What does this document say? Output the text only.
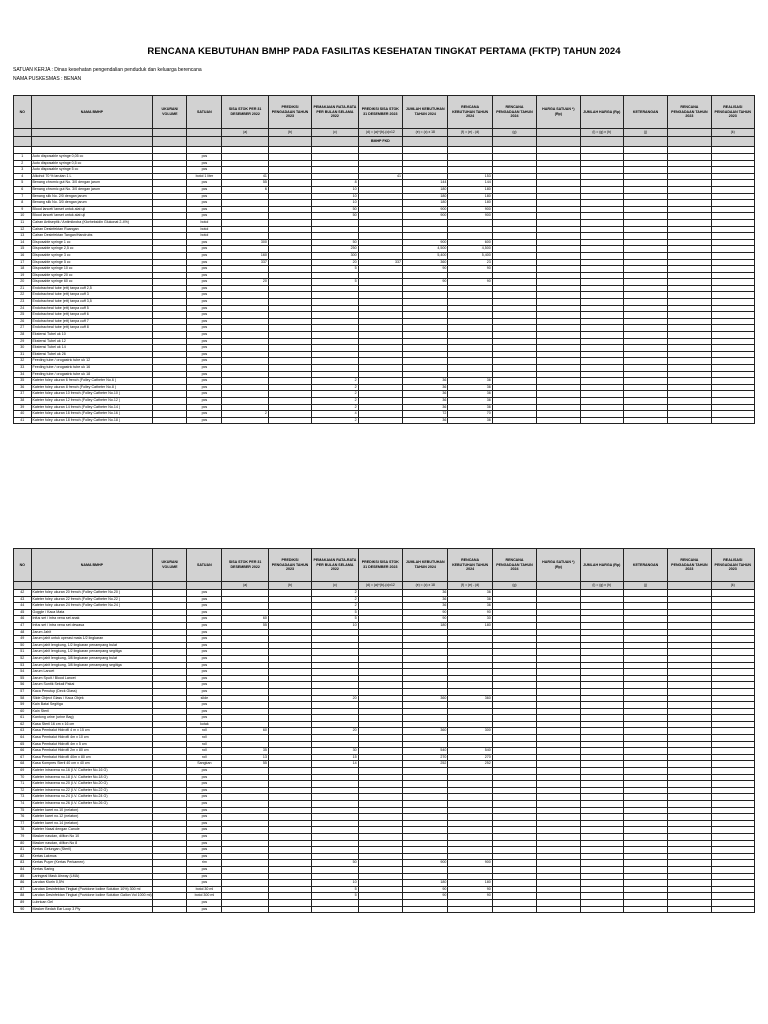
RENCANA KEBUTUHAN BMHP PADA FASILITAS KESEHATAN TINGKAT PERTAMA (FKTP) TAHUN 2024
SATUAN KERJA : Dinas kesehatan pengendalian penduduk dan keluarga berencana
NAMA PUSKESMAS : BENAN
NO	NAMA BMHP	UKURAN/ VOLUME	SATUAN	SISA STOK PER 31 DESEMBER 2022	PREDIKSI PENGADAAN TAHUN 2023	PEMAKAIAN RATA-RATA PER BULAN SELAMA 2022	PREDIKSI SISA STOK 31 DESEMBER 2023	JUMLAH KEBUTUHAN TAHUN 2024	RENCANA KEBUTUHAN TAHUN 2024	RENCANA PENGADAAN TAHUN 2024	HARGA SATUAN *) (Rp)	JUMLAH HARGA (Rp)	KETERANGAN	RENCANA PENGADAAN TAHUN 2023	REALISASI PENGADAAN TAHUN 2023
				(a)	(b)	(c)	(d) = (a)+(b)-(c)x12	(e) = (c) x 18	(f) = (e) - (d)	(g)		(i) = (g) x (h)	(j)		(k)
							BMHP FKD								

1	Auto disposable syringe 0,05 cc		pcs												
2	Auto disposable syringe 0,5 cc		pcs												
3	Auto disposable syringe 5 cc		pcs												
4	Alkohol 70 % larutan 1 L		botol 1 liter	41			41		153						
5	Benang chromic gut No. 3/0 dengan jarum		pcs	55		8		144	144						
6	Benang chromic gut No. 3/0 dengan jarum		pcs	6		10		180	180						
7	Benang silk No. 2/0 dengan jarum		pcs			10		180	180						
8	Benang silk No. 3/0 dengan jarum		pcs			10		180	180						
9	Blood lancet/ lanset untuk alat uji		pcs			50		900	900						
10	Blood lancet/ lanset untuk alat uji		pcs			50		900	900						
11	Cairan Antiseptik / Antimikroba (Klorheksidin Glukonat 2-4%)		botol												
12	Cairan Desinfektan Ruangan		botol												
13	Cairan Desinfektan Tangan/Handrubs		botol												
14	Disposable syringe 1 cc		pcs	300		50		900	600						
15	Disposable syringe 2,5 cc		pcs			250		4,500	4,500						
16	Disposable syringe 3 cc		pcs	160		300		5,400	5,400						
17	Disposable syringe 5 cc		pcs	337		20	337	360	23						
18	Disposable syringe 10 cc		pcs			5		90	90						
19	Disposable syringe 20 cc		pcs												
20	Disposable syringe 60 cc		pcs	20		5		90	90						
21	Endotracheal tube (ett) tanpa cuff 2,5		pcs												
22	Endotracheal tube (ett) tanpa cuff 3		pcs												
23	Endotracheal tube (ett) tanpa cuff 3,5		pcs												
24	Endotracheal tube (ett) tanpa cuff 5		pcs												
25	Endotracheal tube (ett) tanpa cuff 6		pcs												
26	Endotracheal tube (ett) tanpa cuff 7		pcs												
27	Endotracheal tube (ett) tanpa cuff 8		pcs												
28	Ekstensi Tubel uk 10		pcs												
29	Ekstensi Tubel uk 12		pcs												
30	Ekstensi Tubel uk 14		pcs												
31	Ekstensi Tubel uk 26		pcs												
32	Feeding tube / orogastric tube uk 12		pcs												
33	Feeding tube / orogastric tube uk 16		pcs												
34	Feeding tube / orogastric tube uk 18		pcs												
35	Kateter foley ukuran 6 french (Folley Catheter No.6 )		pcs			2		36	36						
36	Kateter foley ukuran 8 french (Folley Catheter No.8 )		pcs			2		36	36						
37	Kateter foley ukuran 10 french (Folley Catheter No.10 )		pcs			2		36	36						
38	Kateter foley ukuran 12 french (Folley Catheter No.12 )		pcs			2		36	36						
39	Kateter foley ukuran 14 french (Folley Catheter No.14 )		pcs			2		36	36						
40	Kateter foley ukuran 16 french (Folley Catheter No.16 )		pcs	2		4		72	70						
41	Kateter foley ukuran 18 french (Folley Catheter No.18 )		pcs			2		36	36						
NO	NAMA BMHP	UKURAN/ VOLUME	SATUAN	SISA STOK PER 31 DESEMBER 2022	PREDIKSI PENGADAAN TAHUN 2023	PEMAKAIAN RATA-RATA PER BULAN SELAMA 2022	PREDIKSI SISA STOK 31 DESEMBER 2023	JUMLAH KEBUTUHAN TAHUN 2024	RENCANA KEBUTUHAN TAHUN 2024	RENCANA PENGADAAN TAHUN 2024	HARGA SATUAN *) (Rp)	JUMLAH HARGA (Rp)	KETERANGAN	RENCANA PENGADAAN TAHUN 2023	REALISASI PENGADAAN TAHUN 2023
				(a)	(b)	(c)	(d) = (a)+(b)-(c)x12	(e) = (c) x 18	(f) = (e) - (d)	(g)		(i) = (g) x (h)	(j)		(k)
42	Kateter foley ukuran 20 french (Folley Catheter No.20 )		pcs			2		36	36						
43	Kateter foley ukuran 22 french (Folley Catheter No.22 )		pcs			2		36	36						
44	Kateter foley ukuran 24 french (Folley Catheter No.24 )		pcs			2		36	36						
45	Goggle / Kaca Mata		pcs			5		90	90						
46	Infus set / intra vena set anak		pcs	60		5		90	30						
47	Infus set / intra vena set dewasa		pcs	55		10		180	180						
48	Jarum Jahit		pcs												
49	Jarum jahit untuk operasi mata 1/2 lingkaran		pcs												
50	Jarum jahit lengkung, 1/2 lingkaran penampang bulat		pcs												
51	Jarum jahit lengkung, 1/2 lingkaran penampang segitiga		pcs												
52	Jarum jahit lengkung, 3/8 lingkaran penampang bulat		pcs												
53	Jarum jahit lengkung, 3/8 lingkaran penampang segitiga		pcs												
54	Jarum Lancet		pcs												
55	Jarum Spuit / Blood Lancet		pcs												
56	Jarum Suntik Sekali Pakai		pcs												
57	Kaca Penutup (Deck Glass)		pcs												
58	Slide Object Glass / Kaca Objek		slide			20		360	360						
59	Kain Batai Segitiga		pcs												
60	Kain Steril		pcs												
61	Kantong urine (urine Bag)		pcs												
62	Kasa Steril 16 cm x 16 cm		kotak												
63	Kasa Pembalut Hidrofil 4 m x 15 cm		roll	60		20		360	300						
64	Kasa Pembalut Hidrofil 4m x 10 cm		roll												
65	Kasa Pembalut Hidrofil 4m x 5 cm		roll												
66	Kasa Pembalut Hidrofil 2m x 80 cm		roll	35		30		540	540						
67	Kasa Pembalut Hidrofil 40m x 80 cm		roll	13		15		270	270						
68	Kasa Kompres Steril 40 cm x 40 cm		Sangkan	55		14		252	252						
69	Kateter intravena no.16 (I.V. Catheter No.16 G)		pcs												
70	Kateter intravena no.18 (I.V. Catheter No.18 G)		pcs												
71	Kateter intravena no.20 (I.V. Catheter No.20 G)		pcs												
72	Kateter intravena no.22 (I.V. Catheter No.22 G)		pcs												
73	Kateter intravena no.24 (I.V. Catheter No.24 G)		pcs												
74	Kateter intravena no.26 (I.V. Catheter No.26 G)		pcs												
75	Kateter karet no.10 (nelaton)		pcs												
76	Kateter karet no.12 (nelaton)		pcs												
77	Kateter karet no.14 (nelaton)		pcs												
78	Kateter Nasal dengan Canule		pcs												
79	Masker nasdan, dillton No 10		pcs												
80	Masker nasdan, dillton No 8		pcs												
81	Kertas Gelungan (Steril)		pcs												
82	Kertas Lakmus		pcs												
83	Kertas Puyer (Kertas Perkamen)		rim			50		900	900						
84	Kertas Saring		pcs												
85	Laringeal Mask Airway (LMA)		pcs												
86	Larutan Klorin 0,5%		pcs			10		180	180						
87	Larutan Desinfektan Tingkat (Povidone Iodine Solution 10%) 300 ml		botol 30 ml			5		90	90						
88	Larutan Desinfektan Tingkat (Povidone Iodine Solution Gallon Vol 1000 ml)		botol 300 ml			5		90	90						
89	Lubrican Gel		pcs												
90	Masker Bedah Ear Loop 3 Ply		pcs												
